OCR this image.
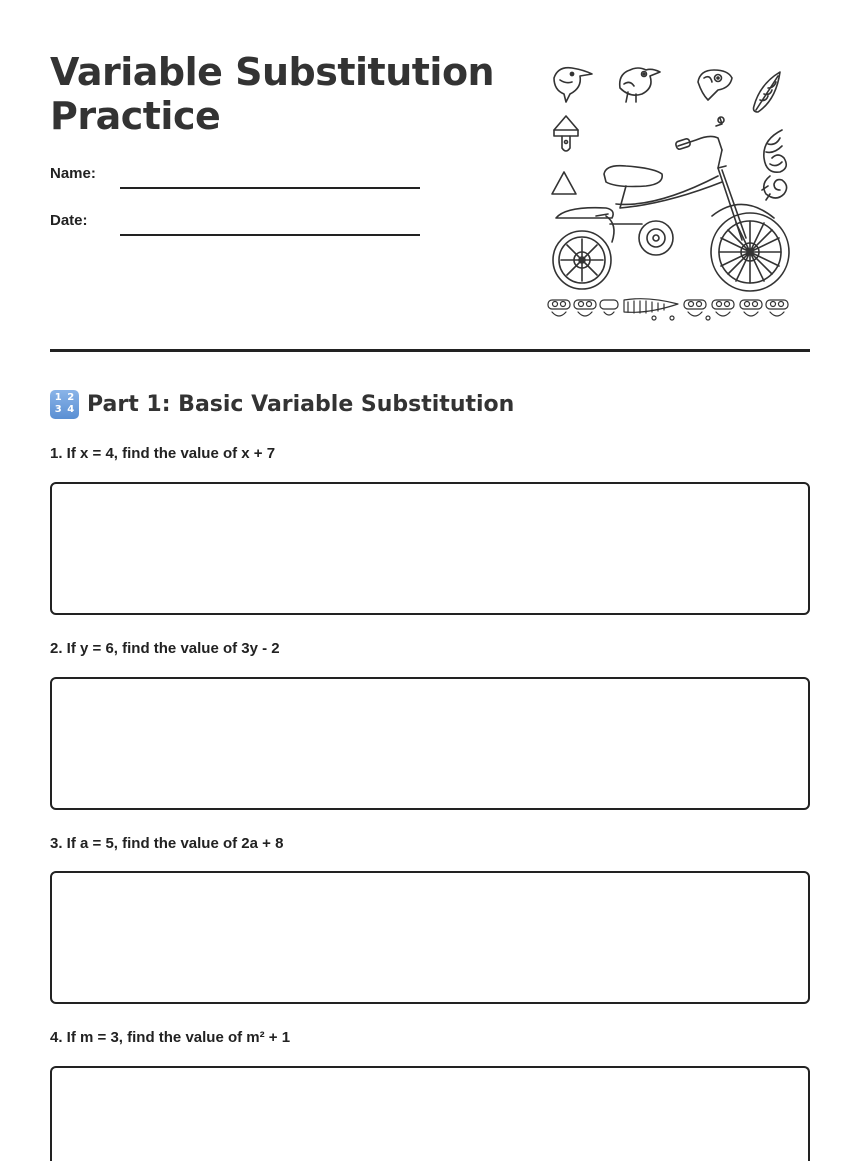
Variable Substitution Practice
Name:
Date:
1 2
3 4 Part 1: Basic Variable Substitution
1. If x = 4, find the value of x + 7
2. If y = 6, find the value of 3y - 2
3. If a = 5, find the value of 2a + 8
4. If m = 3, find the value of m² + 1
